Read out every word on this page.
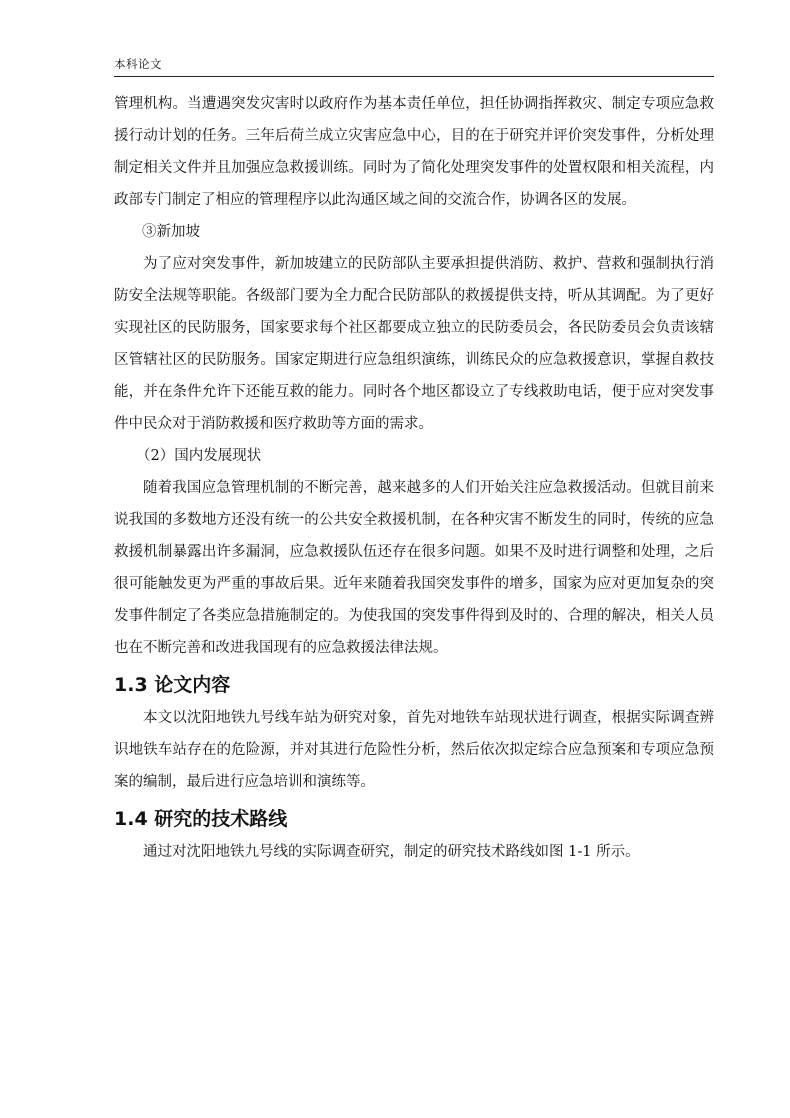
本科论文

管理机构。当遭遇突发灾害时以政府作为基本责任单位，担任协调指挥救灾、制定专项应急救援行动计划的任务。三年后荷兰成立灾害应急中心，目的在于研究并评价突发事件，分析处理制定相关文件并且加强应急救援训练。同时为了简化处理突发事件的处置权限和相关流程，内政部专门制定了相应的管理程序以此沟通区域之间的交流合作，协调各区的发展。

③新加坡

为了应对突发事件，新加坡建立的民防部队主要承担提供消防、救护、营救和强制执行消防安全法规等职能。各级部门要为全力配合民防部队的救援提供支持，听从其调配。为了更好实现社区的民防服务，国家要求每个社区都要成立独立的民防委员会，各民防委员会负责该辖区管辖社区的民防服务。国家定期进行应急组织演练，训练民众的应急救援意识，掌握自救技能，并在条件允许下还能互救的能力。同时各个地区都设立了专线救助电话，便于应对突发事件中民众对于消防救援和医疗救助等方面的需求。

（2）国内发展现状

随着我国应急管理机制的不断完善，越来越多的人们开始关注应急救援活动。但就目前来说我国的多数地方还没有统一的公共安全救援机制，在各种灾害不断发生的同时，传统的应急救援机制暴露出许多漏洞，应急救援队伍还存在很多问题。如果不及时进行调整和处理，之后很可能触发更为严重的事故后果。近年来随着我国突发事件的增多，国家为应对更加复杂的突发事件制定了各类应急措施制定的。为使我国的突发事件得到及时的、合理的解决，相关人员也在不断完善和改进我国现有的应急救援法律法规。

1.3 论文内容

本文以沈阳地铁九号线车站为研究对象，首先对地铁车站现状进行调查，根据实际调查辨识地铁车站存在的危险源，并对其进行危险性分析，然后依次拟定综合应急预案和专项应急预案的编制，最后进行应急培训和演练等。

1.4 研究的技术路线

通过对沈阳地铁九号线的实际调查研究，制定的研究技术路线如图 1-1 所示。
